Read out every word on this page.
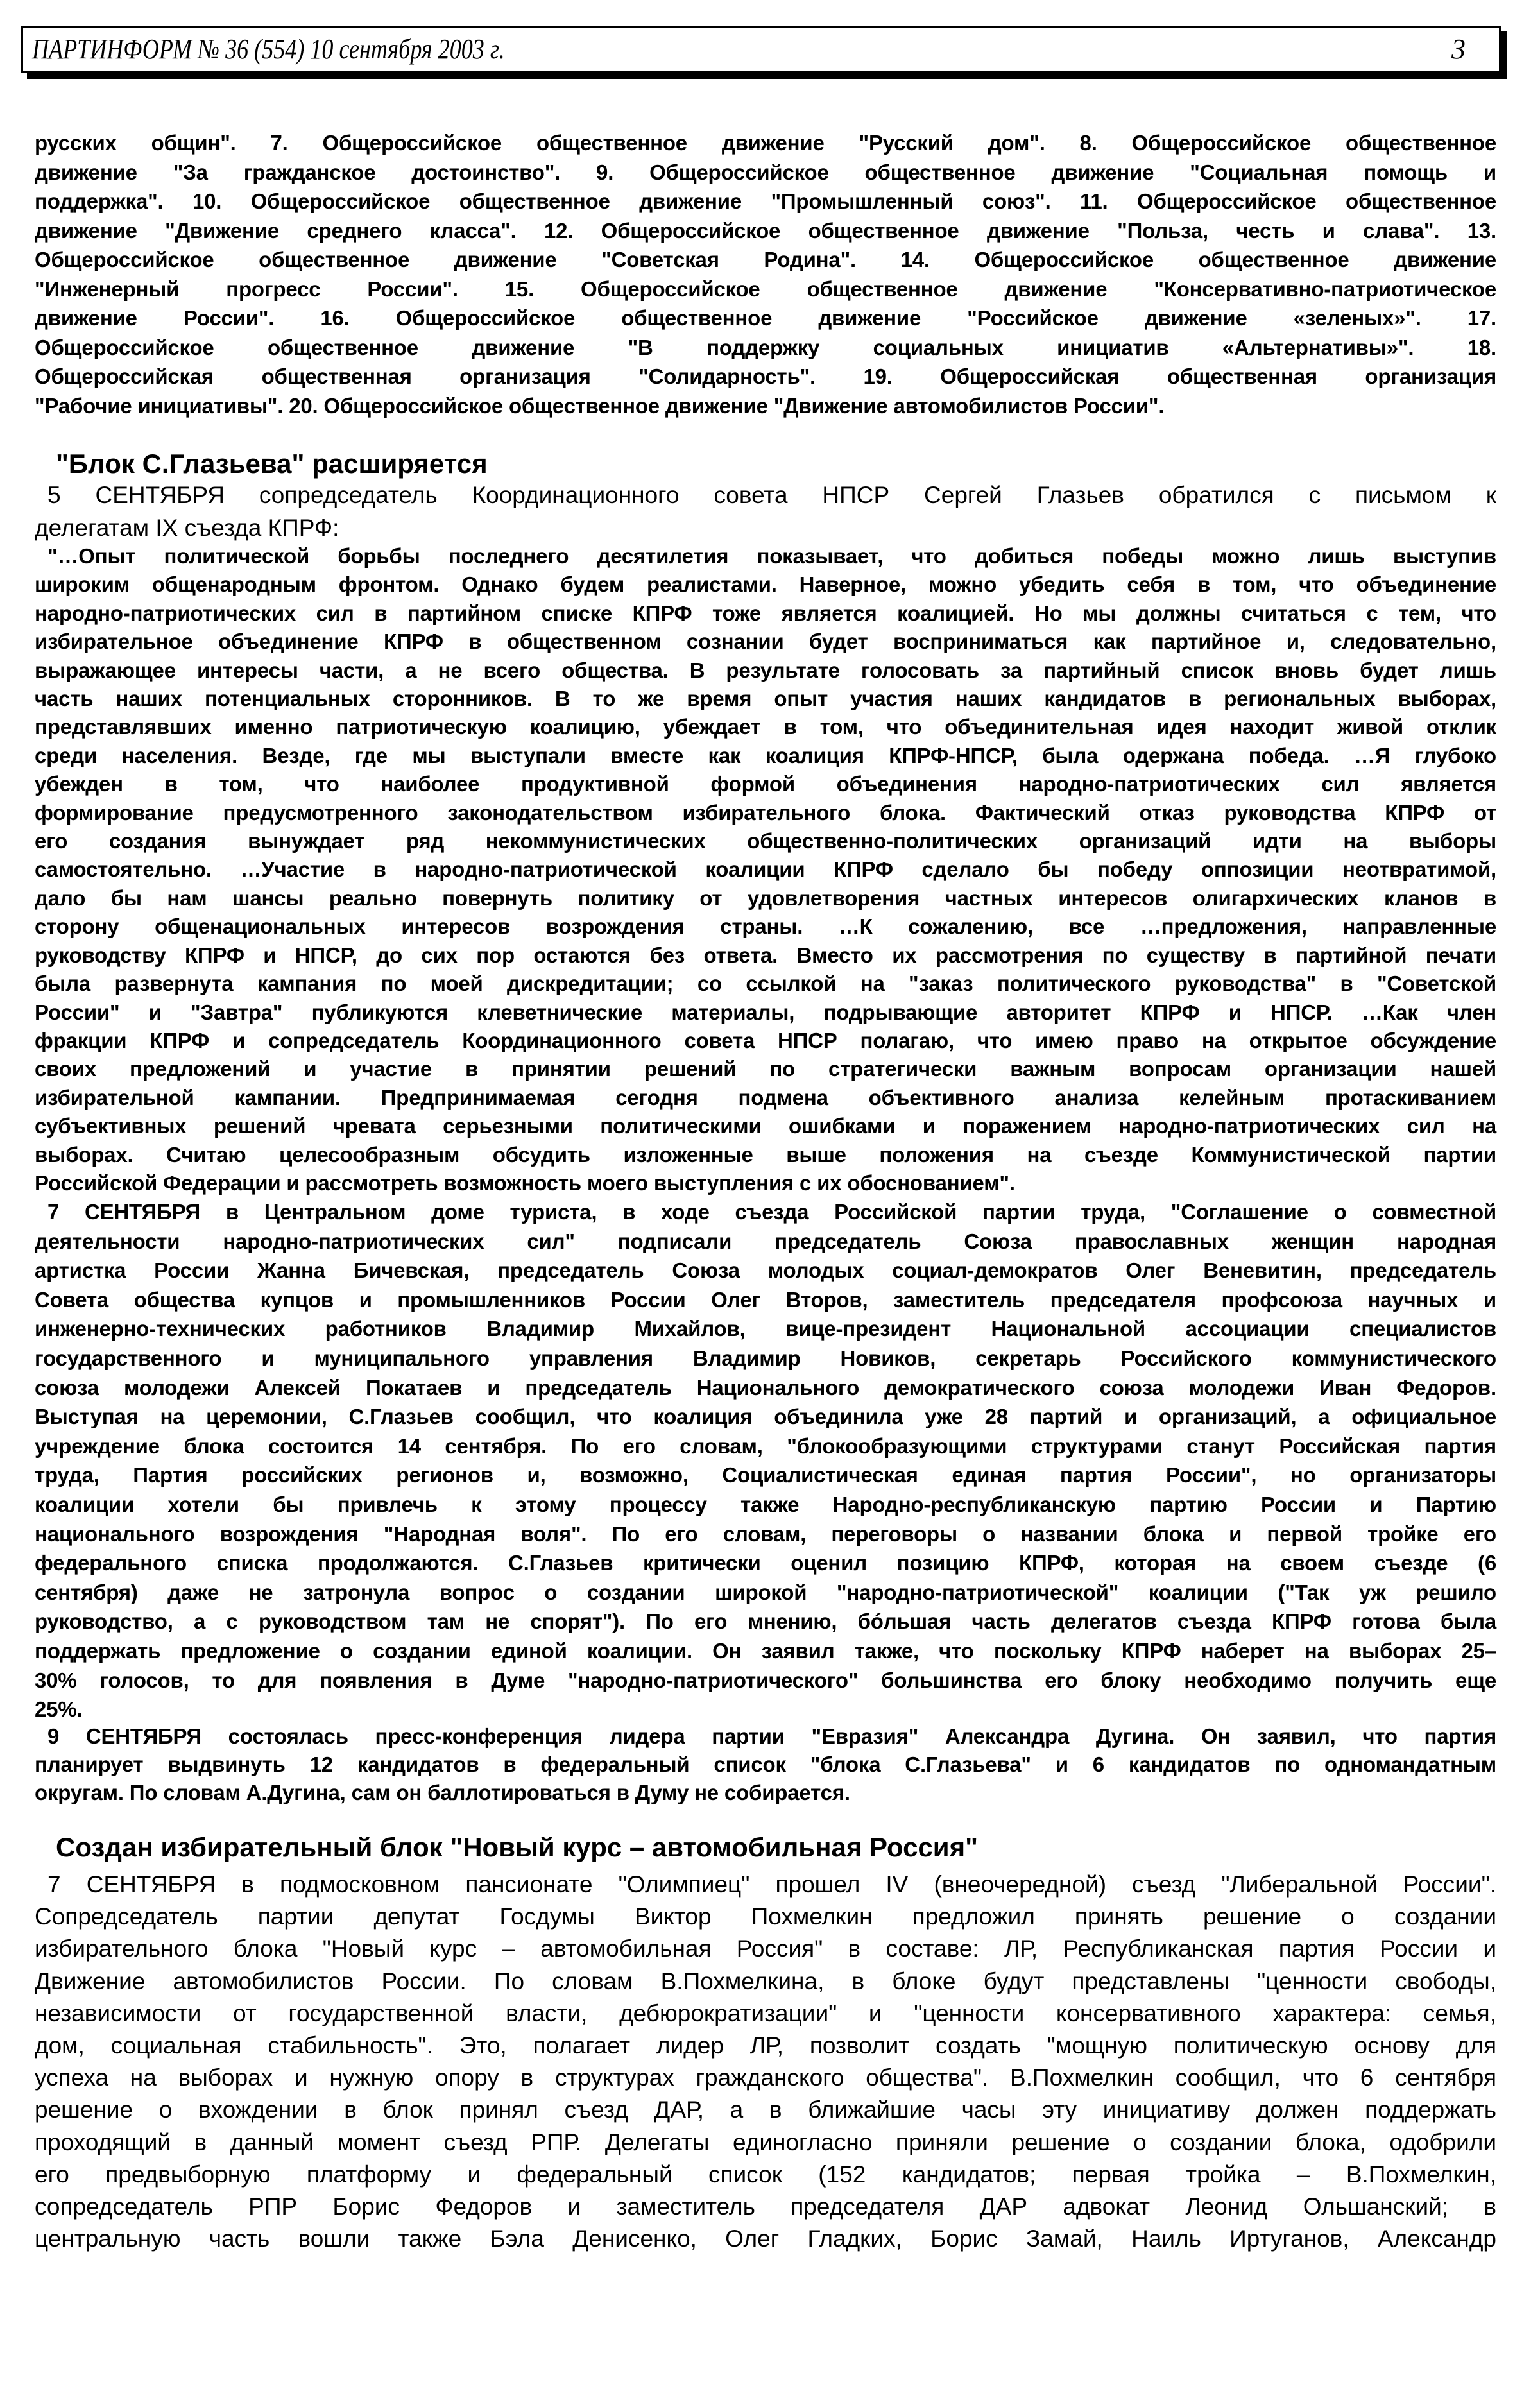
ПАРТИНФОРМ № 36 (554) 10 сентября 2003 г.	3
русских общин". 7. Общероссийское общественное движение "Русский дом". 8. Общероссийское общественное
движение "За гражданское достоинство". 9. Общероссийское общественное движение "Социальная помощь и
поддержка". 10. Общероссийское общественное движение "Промышленный союз". 11. Общероссийское общественное
движение "Движение среднего класса". 12. Общероссийское общественное движение "Польза, честь и слава". 13.
Общероссийское общественное движение "Советская Родина". 14. Общероссийское общественное движение
"Инженерный прогресс России". 15. Общероссийское общественное движение "Консервативно-патриотическое
движение России". 16. Общероссийское общественное движение "Российское движение «зеленых»". 17.
Общероссийское общественное движение "В поддержку социальных инициатив «Альтернативы»". 18.
Общероссийская общественная организация "Солидарность". 19. Общероссийская общественная организация
"Рабочие инициативы". 20. Общероссийское общественное движение "Движение автомобилистов России".
"Блок С.Глазьева" расширяется
5 СЕНТЯБРЯ сопредседатель Координационного совета НПСР Сергей Глазьев обратился с письмом к
делегатам IX съезда КПРФ:
"…Опыт политической борьбы последнего десятилетия показывает, что добиться победы можно лишь выступив
широким общенародным фронтом. Однако будем реалистами. Наверное, можно убедить себя в том, что объединение
народно-патриотических сил в партийном списке КПРФ тоже является коалицией. Но мы должны считаться с тем, что
избирательное объединение КПРФ в общественном сознании будет восприниматься как партийное и, следовательно,
выражающее интересы части, а не всего общества. В результате голосовать за партийный список вновь будет лишь
часть наших потенциальных сторонников. В то же время опыт участия наших кандидатов в региональных выборах,
представлявших именно патриотическую коалицию, убеждает в том, что объединительная идея находит живой отклик
среди населения. Везде, где мы выступали вместе как коалиция КПРФ-НПСР, была одержана победа. …Я глубоко
убежден в том, что наиболее продуктивной формой объединения народно-патриотических сил является
формирование предусмотренного законодательством избирательного блока. Фактический отказ руководства КПРФ от
его создания вынуждает ряд некоммунистических общественно-политических организаций идти на выборы
самостоятельно. …Участие в народно-патриотической коалиции КПРФ сделало бы победу оппозиции неотвратимой,
дало бы нам шансы реально повернуть политику от удовлетворения частных интересов олигархических кланов в
сторону общенациональных интересов возрождения страны. …К сожалению, все …предложения, направленные
руководству КПРФ и НПСР, до сих пор остаются без ответа. Вместо их рассмотрения по существу в партийной печати
была развернута кампания по моей дискредитации; со ссылкой на "заказ политического руководства" в "Советской
России" и "Завтра" публикуются клеветнические материалы, подрывающие авторитет КПРФ и НПСР. …Как член
фракции КПРФ и сопредседатель Координационного совета НПСР полагаю, что имею право на открытое обсуждение
своих предложений и участие в принятии решений по стратегически важным вопросам организации нашей
избирательной кампании. Предпринимаемая сегодня подмена объективного анализа келейным протаскиванием
субъективных решений чревата серьезными политическими ошибками и поражением народно-патриотических сил на
выборах. Считаю целесообразным обсудить изложенные выше положения на съезде Коммунистической партии
Российской Федерации и рассмотреть возможность моего выступления с их обоснованием".
7 СЕНТЯБРЯ в Центральном доме туриста, в ходе съезда Российской партии труда, "Соглашение о совместной
деятельности народно-патриотических сил" подписали председатель Союза православных женщин народная
артистка России Жанна Бичевская, председатель Союза молодых социал-демократов Олег Веневитин, председатель
Совета общества купцов и промышленников России Олег Второв, заместитель председателя профсоюза научных и
инженерно-технических работников Владимир Михайлов, вице-президент Национальной ассоциации специалистов
государственного и муниципального управления Владимир Новиков, секретарь Российского коммунистического
союза молодежи Алексей Покатаев и председатель Национального демократического союза молодежи Иван Федоров.
Выступая на церемонии, С.Глазьев сообщил, что коалиция объединила уже 28 партий и организаций, а официальное
учреждение блока состоится 14 сентября. По его словам, "блокообразующими структурами станут Российская партия
труда, Партия российских регионов и, возможно, Социалистическая единая партия России", но организаторы
коалиции хотели бы привлечь к этому процессу также Народно-республиканскую партию России и Партию
национального возрождения "Народная воля". По его словам, переговоры о названии блока и первой тройке его
федерального списка продолжаются. С.Глазьев критически оценил позицию КПРФ, которая на своем съезде (6
сентября) даже не затронула вопрос о создании широкой "народно-патриотической" коалиции ("Так уж решило
руководство, а с руководством там не спорят"). По его мнению, бóльшая часть делегатов съезда КПРФ готова была
поддержать предложение о создании единой коалиции. Он заявил также, что поскольку КПРФ наберет на выборах 25–
30% голосов, то для появления в Думе "народно-патриотического" большинства его блоку необходимо получить еще
25%.
9 СЕНТЯБРЯ состоялась пресс-конференция лидера партии "Евразия" Александра Дугина. Он заявил, что партия
планирует выдвинуть 12 кандидатов в федеральный список "блока С.Глазьева" и 6 кандидатов по одномандатным
округам. По словам А.Дугина, сам он баллотироваться в Думу не собирается.
Создан избирательный блок "Новый курс – автомобильная Россия"
7 СЕНТЯБРЯ в подмосковном пансионате "Олимпиец" прошел IV (внеочередной) съезд "Либеральной России".
Сопредседатель партии депутат Госдумы Виктор Похмелкин предложил принять решение о создании
избирательного блока "Новый курс – автомобильная Россия" в составе: ЛР, Республиканская партия России и
Движение автомобилистов России. По словам В.Похмелкина, в блоке будут представлены "ценности свободы,
независимости от государственной власти, дебюрократизации" и "ценности консервативного характера: семья,
дом, социальная стабильность". Это, полагает лидер ЛР, позволит создать "мощную политическую основу для
успеха на выборах и нужную опору в структурах гражданского общества". В.Похмелкин сообщил, что 6 сентября
решение о вхождении в блок принял съезд ДАР, а в ближайшие часы эту инициативу должен поддержать
проходящий в данный момент съезд РПР. Делегаты единогласно приняли решение о создании блока, одобрили
его предвыборную платформу и федеральный список (152 кандидатов; первая тройка – В.Похмелкин,
сопредседатель РПР Борис Федоров и заместитель председателя ДАР адвокат Леонид Ольшанский; в
центральную часть вошли также Бэла Денисенко, Олег Гладких, Борис Замай, Наиль Иртуганов, Александр
